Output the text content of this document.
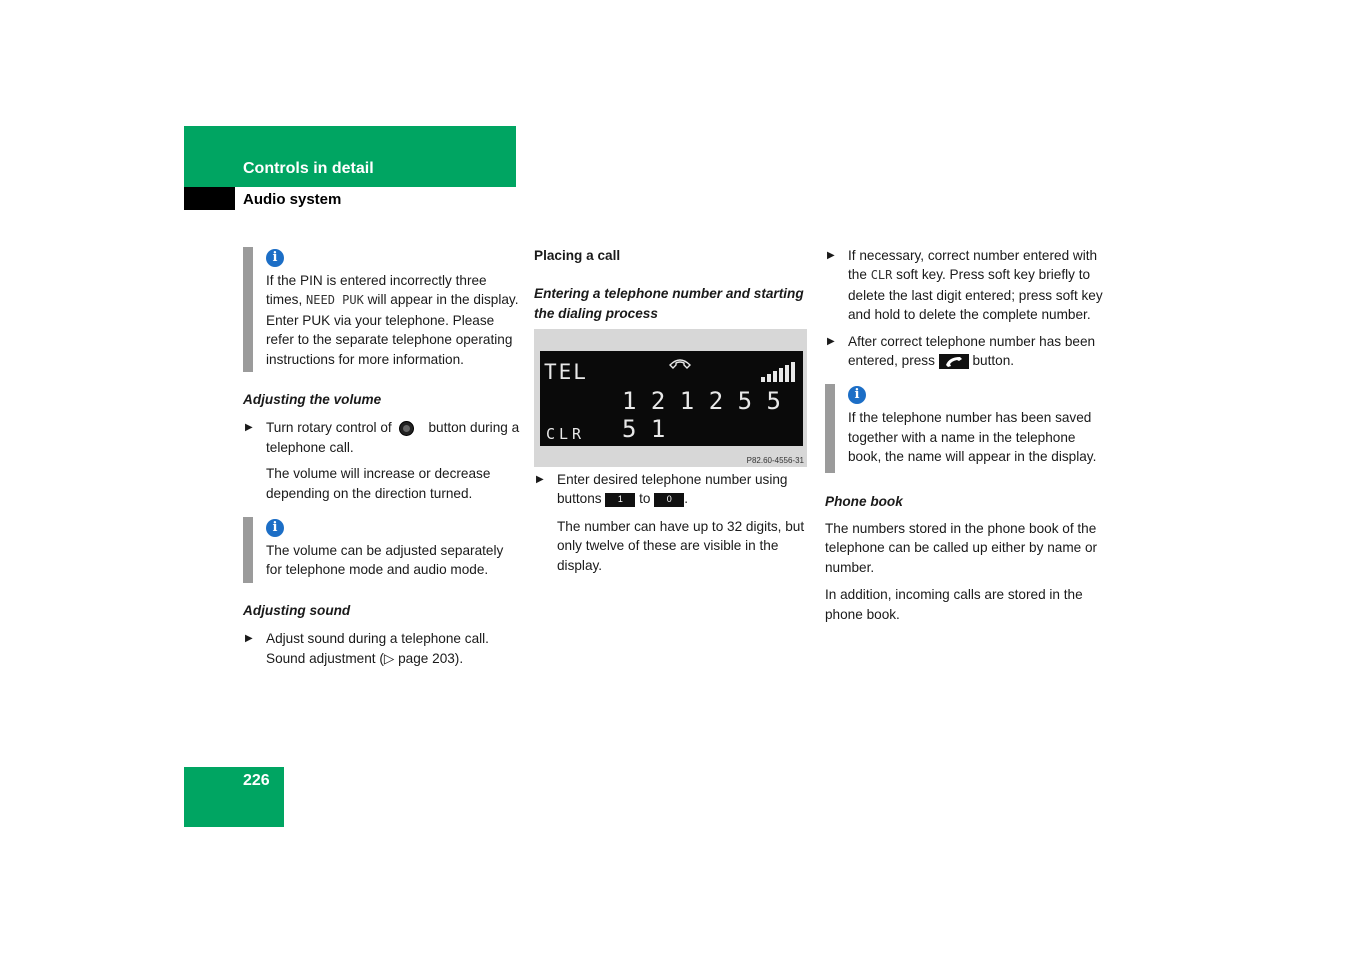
Controls in detail
Audio system
i

If the PIN is entered incorrectly three times, NEED PUK will appear in the display. Enter PUK via your telephone. Please refer to the separate telephone operating instructions for more information.

Adjusting the volume

▶ Turn rotary control of	button during a telephone call.

The volume will increase or decrease depending on the direction turned.

i

The volume can be adjusted separately for telephone mode and audio mode.

Adjusting sound

▶ Adjust sound during a telephone call. Sound adjustment (▷ page 203).

Placing a call

Entering a telephone number and starting the dialing process

TEL
1 2 1 2 5 5 5 1
CLR
P82.60-4556-31
▶ Enter desired telephone number using buttons 1 to 0 .

The number can have up to 32 digits, but only twelve of these are visible in the display.

▶ If necessary, correct number entered with the CLR soft key. Press soft key briefly to delete the last digit entered; press soft key and hold to delete the complete number.

▶ After correct telephone number has been entered, press	button.

i

If the telephone number has been saved together with a name in the telephone book, the name will appear in the display.

Phone book

The numbers stored in the phone book of the telephone can be called up either by name or number.

In addition, incoming calls are stored in the phone book.

226
